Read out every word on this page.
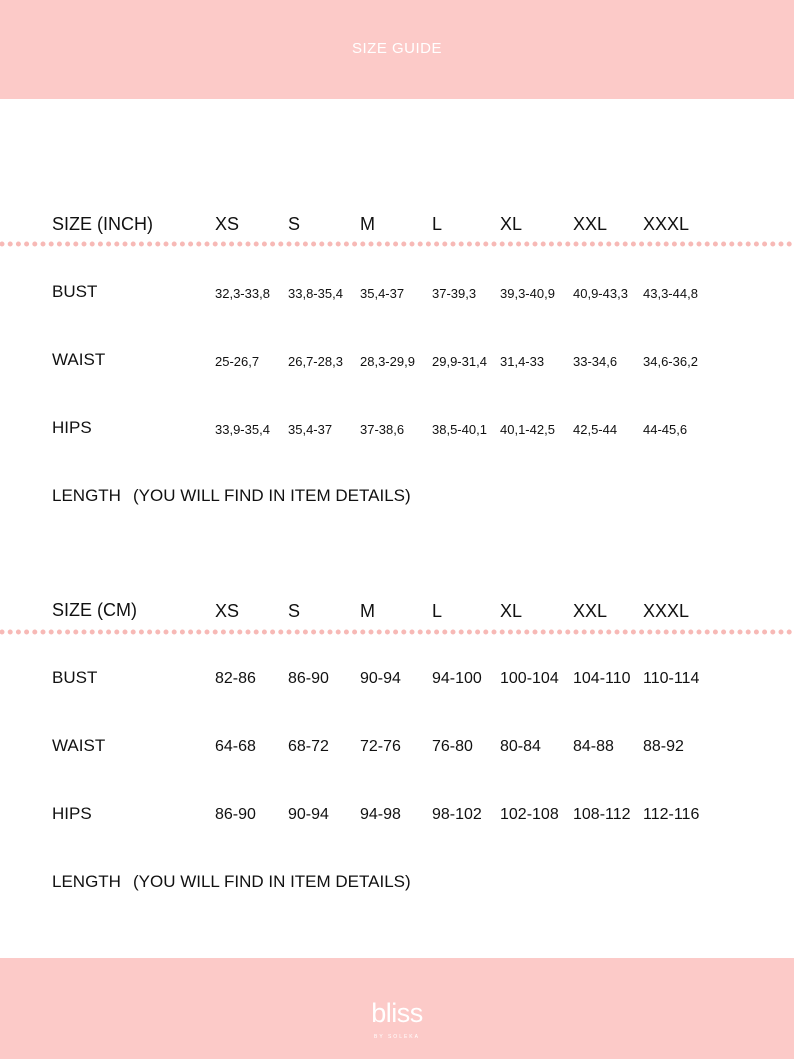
SIZE GUIDE
SIZE (INCH)	XS	S	M	L	XL	XXL XXXL
BUST	32,3-33,8 33,8-35,4 35,4-37 37-39,3 39,3-40,9 40,9-43,3 43,3-44,8
WAIST	25-26,7 26,7-28,3 28,3-29,9 29,9-31,4 31,4-33 33-34,6 34,6-36,2
HIPS	33,9-35,4 35,4-37 37-38,6 38,5-40,1 40,1-42,5 42,5-44 44-45,6
LENGTH (YOU WILL FIND IN ITEM DETAILS)
SIZE (CM)	XS	S	M	L	XL	XXL XXXL
BUST	82-86 86-90 90-94 94-100 100-104 104-110 110-114
WAIST	64-68 68-72 72-76 76-80 80-84 84-88 88-92
HIPS	86-90 90-94 94-98 98-102 102-108 108-112 112-116
LENGTH (YOU WILL FIND IN ITEM DETAILS)
bliss
BY SOLEKA
